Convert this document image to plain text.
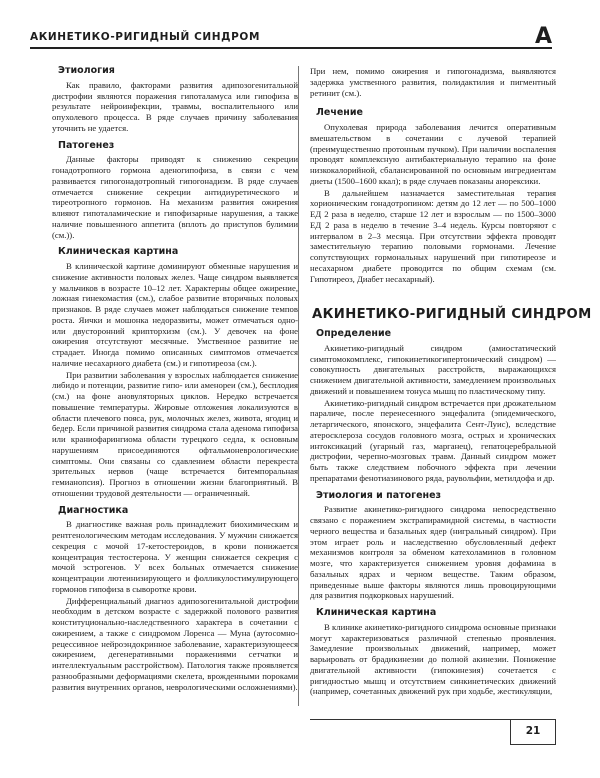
АКИНЕТИКО-РИГИДНЫЙ СИНДРОМ	А
Этиология

Как правило, факторами развития адипозогенитальной дистрофии являются поражения гипоталамуса или гипофиза в результате нейроинфекции, травмы, воспалительного или опухолевого процесса. В ряде случаев причину заболевания уточнить не удается.

Патогенез

Данные факторы приводят к снижению секреции гонадотропного гормона аденогипофиза, в связи с чем развивается гипогонадотропный гипогонадизм. В ряде случаев отмечается снижение секреции антидиуретического и тиреотропного гормонов. На механизм развития ожирения влияют гипоталамические и гипофизарные нарушения, а также наличие повышенного аппетита (вплоть до приступов булимии (см.)).

Клиническая картина

В клинической картине доминируют обменные нарушения и снижение активности половых желез. Чаще синдром выявляется у мальчиков в возрасте 10–12 лет. Характерны общее ожирение, ложная гинекомастия (см.), слабое развитие вторичных половых признаков. В ряде случаев может наблюдаться снижение темпов роста. Яички и мошонка недоразвиты, может отмечаться одно- или двусторонний крипторхизм (см.). У девочек на фоне ожирения отсутствуют месячные. Умственное развитие не страдает. Иногда помимо описанных симптомов отмечается наличие несахарного диабета (см.) и гипотиреоза (см.).

При развитии заболевания у взрослых наблюдается снижение либидо и потенции, развитие гипо- или аменореи (см.), бесплодия (см.) на фоне ановуляторных циклов. Нередко встречается повышение температуры. Жировые отложения локализуются в области плечевого пояса, рук, молочных желез, живота, ягодиц и бедер. Если причиной развития синдрома стала аденома гипофиза или краниофарингиома области турецкого седла, к основным нарушениям присоединяются офтальмоневрологические симптомы. Они связаны со сдавлением области перекреста зрительных нервов (чаще встречается битемпоральная гемианопсия). Прогноз в отношении жизни благоприятный. В отношении трудовой деятельности — ограниченный.

Диагностика

В диагностике важная роль принадлежит биохимическим и рентгенологическим методам исследования. У мужчин снижается секреция с мочой 17-кетостероидов, в крови понижается концентрация тестостерона. У женщин снижается секреция с мочой эстрогенов. У всех больных отмечается снижение концентрации лютеинизирующего и фолликулостимулирующего гормонов гипофиза в сыворотке крови.

Дифференциальный диагноз адипозогенитальной дистрофии необходим в детском возрасте с задержкой полового развития конституционально-наследственного характера в сочетании с ожирением, а также с синдромом Лоренса — Муна (аутосомно-рецессивное нейроэндокринное заболевание, характеризующееся ожирением, дегенеративными поражениями сетчатки и интеллектуальным расстройством). Патология также проявляется разнообразными деформациями скелета, врожденными пороками развития внутренних органов, неврологическими осложнениями).

При нем, помимо ожирения и гипогонадизма, выявляются задержка умственного развития, полидактилия и пигментный ретинит (см.).

Лечение

Опухолевая природа заболевания лечится оперативным вмешательством в сочетании с лучевой терапией (преимущественно протонным пучком). При наличии воспаления проводят комплексную антибактериальную терапию на фоне низкокалорийной, сбалансированной по основным ингредиентам диеты (1500–1600 ккал); в ряде случаев показаны анорексики.

В дальнейшем назначается заместительная терапия хорионическим гонадотропином: детям до 12 лет — по 500–1000 ЕД 2 раза в неделю, старше 12 лет и взрослым — по 1500–3000 ЕД 2 раза в неделю в течение 3–4 недель. Курсы повторяют с интервалом в 2–3 месяца. При отсутствии эффекта проводят заместительную терапию половыми гормонами. Лечение сопутствующих гормональных нарушений при гипотиреозе и несахарном диабете проводится по общим схемам (см. Гипотиреоз, Диабет несахарный).

АКИНЕТИКО-РИГИДНЫЙ СИНДРОМ
Определение

Акинетико-ригидный синдром (амиостатический симптомокомплекс, гипокинетикогипертонический синдром) — совокупность двигательных расстройств, выражающихся снижением двигательной активности, замедлением произвольных движений и повышением тонуса мышц по пластическому типу.

Акинетико-ригидный синдром встречается при дрожательном параличе, после перенесенного энцефалита (эпидемического, летаргического, японского, энцефалита Сент-Луис), вследствие атеросклероза сосудов головного мозга, острых и хронических интоксикаций (угарный газ, марганец), гепатоцеребральной дистрофии, черепно-мозговых травм. Данный синдром может быть также следствием побочного эффекта при лечении препаратами фенотиазинового ряда, раувольфии, метилдофа и др.

Этиология и патогенез

Развитие акинетико-ригидного синдрома непосредственно связано с поражением экстрапирамидной системы, в частности черного вещества и базальных ядер (нигральный синдром). При этом играет роль и наследственно обусловленный дефект механизмов контроля за обменом катехоламинов в головном мозге, что характеризуется снижением уровня дофамина в базальных ядрах и черном веществе. Таким образом, приведенные выше факторы являются лишь провоцирующими для развития подкорковых нарушений.

Клиническая картина

В клинике акинетико-ригидного синдрома основные признаки могут характеризоваться различной степенью проявления. Замедление произвольных движений, например, может варьировать от брадикинезии до полной акинезии. Понижение двигательной активности (гипокинезия) сочетается с ригидностью мышц и отсутствием синкинетических движений (например, сочетанных движений рук при ходьбе, жестикуляции,

21
